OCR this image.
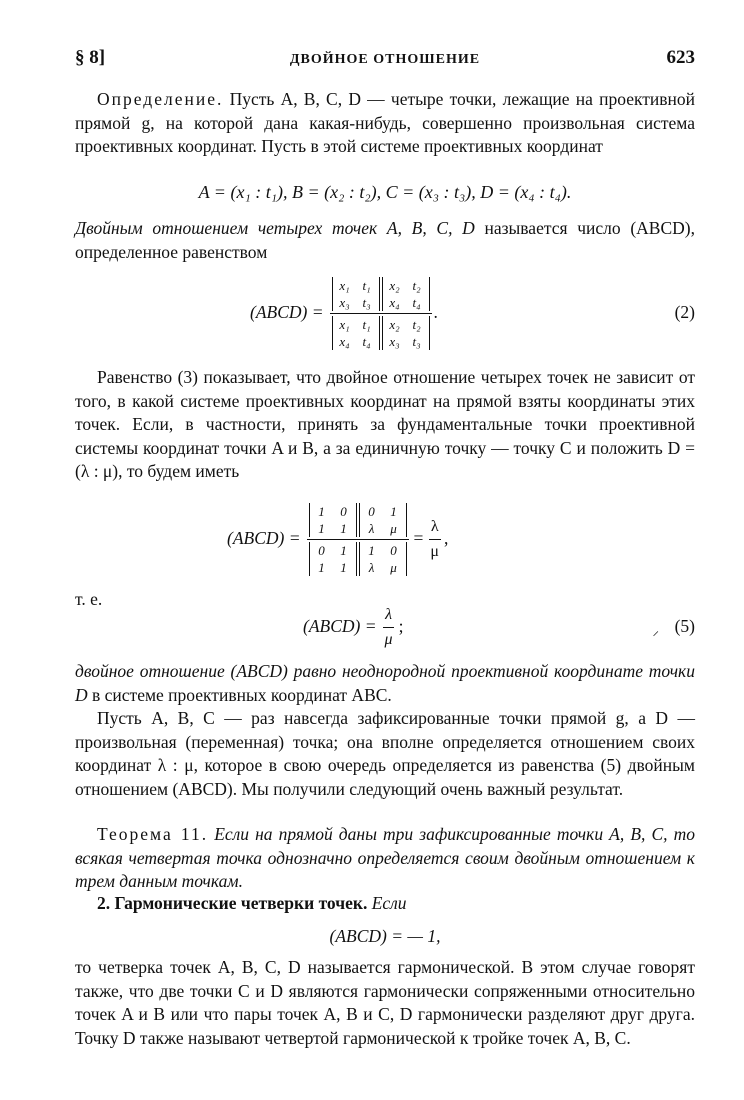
§ 8]	ДВОЙНОЕ ОТНОШЕНИЕ	623
Определение. Пусть A, B, C, D — четыре точки, лежащие на проективной прямой g, на которой дана какая-нибудь, совершенно произвольная система проективных координат. Пусть в этой системе проективных координат
A = (x₁ : t₁), B = (x₂ : t₂), C = (x₃ : t₃), D = (x₄ : t₄).
Двойным отношением четырех точек A, B, C, D называется число (ABCD), определенное равенством
(ABCD) =
x₁ t₁
x₃ t₃
x₂ t₂
x₄ t₄
x₁ t₁
x₄ t₄
x₂ t₂
x₃ t₃
.	(2)
Равенство (3) показывает, что двойное отношение четырех точек не зависит от того, в какой системе проективных координат на прямой взяты координаты этих точек. Если, в частности, принять за фундаментальные точки проективной системы координат точки A и B, а за единичную точку — точку C и положить D = (λ : μ), то будем иметь
(ABCD) =
1	0
1	1
0	1
λ	μ
0	1
1	1
1	0
λ	μ
= $\frac{\lambda}{\mu}$ ,
т. е.
(ABCD) = $\frac{\lambda}{\mu}$ ;	⸝ (5)
двойное отношение (ABCD) равно неоднородной проективной координате точки D в системе проективных координат ABC.
Пусть A, B, C — раз навсегда зафиксированные точки прямой g, а D — произвольная (переменная) точка; она вполне определяется отношением своих координат λ : μ, которое в свою очередь определяется из равенства (5) двойным отношением (ABCD). Мы получили следующий очень важный результат.
Теорема 11. Если на прямой даны три зафиксированные точки A, B, C, то всякая четвертая точка однозначно определяется своим двойным отношением к трем данным точкам.
2. Гармонические четверки точек. Если
(ABCD) = — 1,
то четверка точек A, B, C, D называется гармонической. В этом случае говорят также, что две точки C и D являются гармонически сопряженными относительно точек A и B или что пары точек A, B и C, D гармонически разделяют друг друга. Точку D также называют четвертой гармонической к тройке точек A, B, C.
